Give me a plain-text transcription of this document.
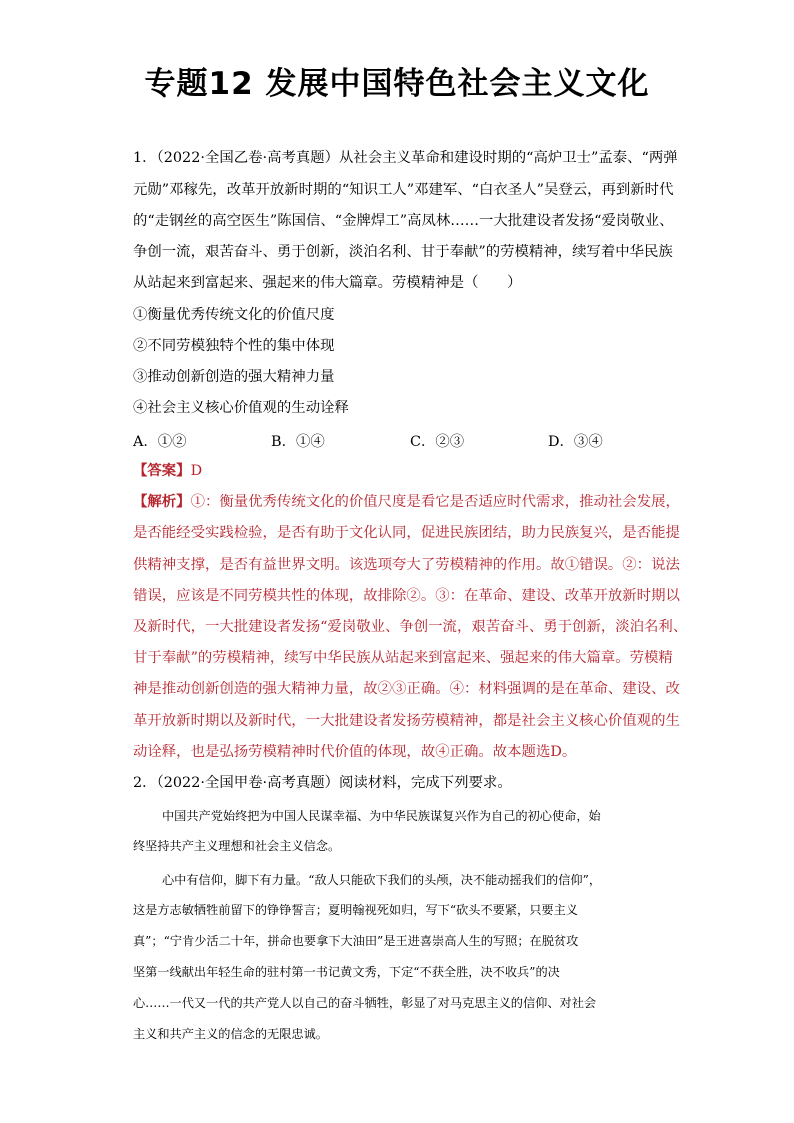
专题12 发展中国特色社会主义文化
1．（2022·全国乙卷·高考真题）从社会主义革命和建设时期的“高炉卫士”孟泰、“两弹
元勋”邓稼先，改革开放新时期的“知识工人”邓建军、“白衣圣人”吴登云，再到新时代
的“走钢丝的高空医生”陈国信、“金牌焊工”高凤林……一大批建设者发扬“爱岗敬业、
争创一流，艰苦奋斗、勇于创新，淡泊名利、甘于奉献”的劳模精神，续写着中华民族
从站起来到富起来、强起来的伟大篇章。劳模精神是（　　）
①衡量优秀传统文化的价值尺度
②不同劳模独特个性的集中体现
③推动创新创造的强大精神力量
④社会主义核心价值观的生动诠释
A．①②	B．①④	C．②③	D．③④
【答案】D
【解析】①：衡量优秀传统文化的价值尺度是看它是否适应时代需求，推动社会发展，
是否能经受实践检验，是否有助于文化认同，促进民族团结，助力民族复兴，是否能提
供精神支撑，是否有益世界文明。该选项夸大了劳模精神的作用。故①错误。②：说法
错误，应该是不同劳模共性的体现，故排除②。③：在革命、建设、改革开放新时期以
及新时代，一大批建设者发扬“爱岗敬业、争创一流，艰苦奋斗、勇于创新，淡泊名利、
甘于奉献”的劳模精神，续写中华民族从站起来到富起来、强起来的伟大篇章。劳模精
神是推动创新创造的强大精神力量，故②③正确。④：材料强调的是在革命、建设、改
革开放新时期以及新时代，一大批建设者发扬劳模精神，都是社会主义核心价值观的生
动诠释，也是弘扬劳模精神时代价值的体现，故④正确。故本题选D。
2．（2022·全国甲卷·高考真题）阅读材料，完成下列要求。
中国共产党始终把为中国人民谋幸福、为中华民族谋复兴作为自己的初心使命，始
终坚持共产主义理想和社会主义信念。
心中有信仰，脚下有力量。“敌人只能砍下我们的头颅，决不能动摇我们的信仰”，
这是方志敏牺牲前留下的铮铮誓言；夏明翰视死如归，写下“砍头不要紧，只要主义
真”；“宁肯少活二十年，拼命也要拿下大油田”是王进喜崇高人生的写照；在脱贫攻
坚第一线献出年轻生命的驻村第一书记黄文秀，下定“不获全胜，决不收兵”的决
心……一代又一代的共产党人以自己的奋斗牺牲，彰显了对马克思主义的信仰、对社会
主义和共产主义的信念的无限忠诚。
